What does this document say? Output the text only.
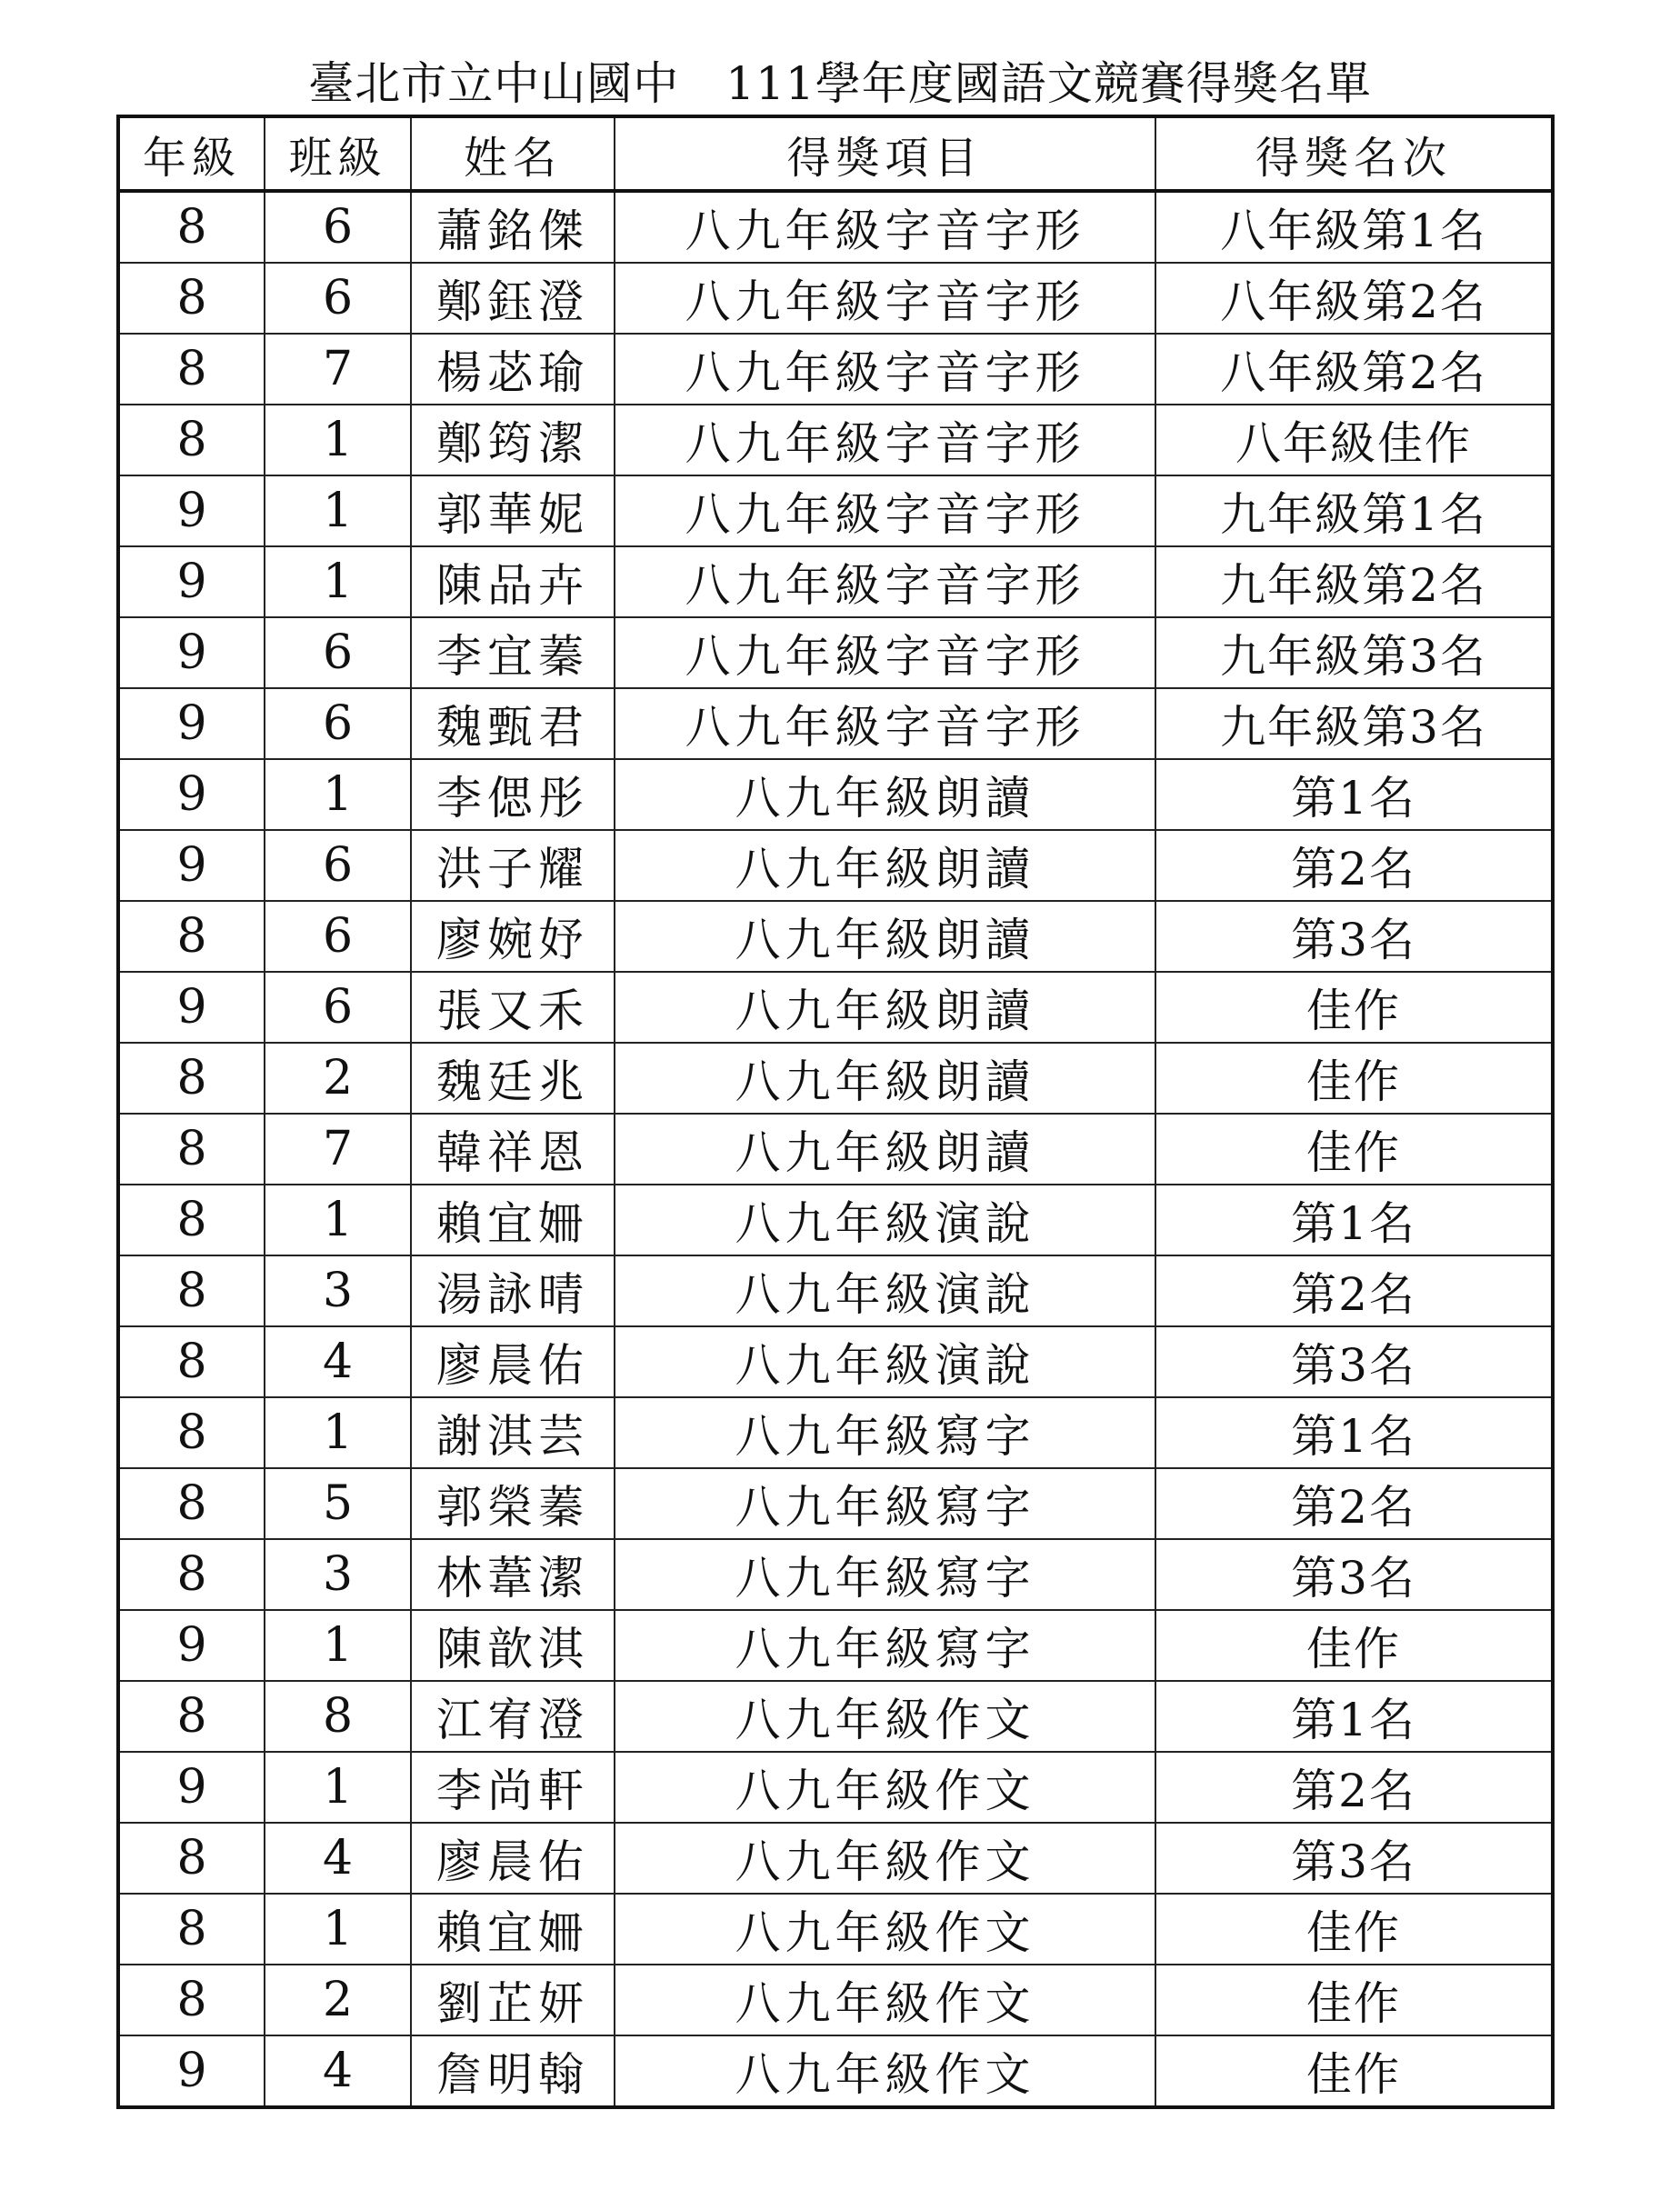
臺北市立中山國中　111學年度國語文競賽得獎名單
年級	班級	姓名	得獎項目	得獎名次
8	6	蕭銘傑	八九年級字音字形	八年級第1名
8	6	鄭鈺澄	八九年級字音字形	八年級第2名
8	7	楊苾瑜	八九年級字音字形	八年級第2名
8	1	鄭筠潔	八九年級字音字形	八年級佳作
9	1	郭華妮	八九年級字音字形	九年級第1名
9	1	陳品卉	八九年級字音字形	九年級第2名
9	6	李宜蓁	八九年級字音字形	九年級第3名
9	6	魏甄君	八九年級字音字形	九年級第3名
9	1	李偲彤	八九年級朗讀	第1名
9	6	洪子耀	八九年級朗讀	第2名
8	6	廖婉妤	八九年級朗讀	第3名
9	6	張又禾	八九年級朗讀	佳作
8	2	魏廷兆	八九年級朗讀	佳作
8	7	韓祥恩	八九年級朗讀	佳作
8	1	賴宜姍	八九年級演說	第1名
8	3	湯詠晴	八九年級演說	第2名
8	4	廖晨佑	八九年級演說	第3名
8	1	謝淇芸	八九年級寫字	第1名
8	5	郭榮蓁	八九年級寫字	第2名
8	3	林葦潔	八九年級寫字	第3名
9	1	陳歆淇	八九年級寫字	佳作
8	8	江宥澄	八九年級作文	第1名
9	1	李尚軒	八九年級作文	第2名
8	4	廖晨佑	八九年級作文	第3名
8	1	賴宜姍	八九年級作文	佳作
8	2	劉芷妍	八九年級作文	佳作
9	4	詹明翰	八九年級作文	佳作
